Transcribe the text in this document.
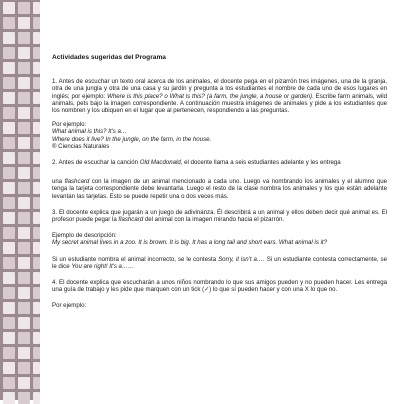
Actividades sugeridas del Programa

1. Antes de escuchar un texto oral acerca de los animales, el docente pega en el pizarrón tres imágenes, una de la granja, otra de una jungla y otra de una casa y su jardín y pregunta a los estudiantes el nombre de cada uno de esos lugares en inglés; por ejemplo: Where is this place? o What is this? (a farm, the jungle, a house or garden). Escribe farm animals, wild animals, pets bajo la imagen correspondiente. A continuación muestra imágenes de animales y pide a los estudiantes que los nombren y los ubiquen en el lugar que al pertenecen, respondiendo a las preguntas.

Por ejemplo:
What animal is this? It's a…
Where does it live? In the jungle, on the farm, in the house.
® Ciencias Naturales

2. Antes de escuchar la canción Old Macdonald, el docente llama a seis estudiantes adelante y les entrega

una flashcard con la imagen de un animal mencionado a cada uno. Luego va nombrando los animales y el alumno que tenga la tarjeta correspondiente debe levantarla. Luego el resto de la clase nombra los animales y los que están adelante levantan las tarjetas. Esto se puede repetir una o dos veces más.

3. El docente explica que jugarán a un juego de adivinanza. Él describirá a un animal y ellos deben decir qué animal es. El profesor puede pegar la flashcard del animal con la imagen mirando hacia el pizarrón.

Ejemplo de descripción:
My secret animal lives in a zoo. It is brown. It is big. It has a long tail and short ears. What animal is it?

Si un estudiante nombra el animal incorrecto, se le contesta Sorry, it isn't a…. Si un estudiante contesta correctamente, se le dice You are right! It's a……

4. El docente explica que escucharán a unos niños nombrando lo que sus amigos pueden y no pueden hacer. Les entrega una guía de trabajo y les pide que marquen con un tick (✓) lo que sí pueden hacer y con una X lo que no.

Por ejemplo:
